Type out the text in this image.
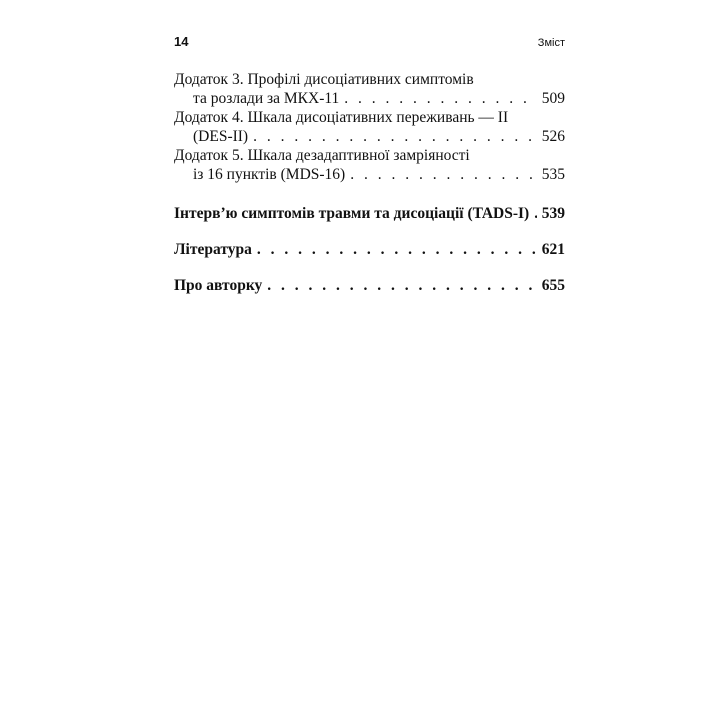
14	Зміст
Додаток 3. Профілі дисоціативних симптомів
та розлади за МКХ-11 . . .	509
Додаток 4. Шкала дисоціативних переживань — II
(DES-II) . . .	526
Додаток 5. Шкала дезадаптивної замріяності
із 16 пунктів (MDS-16) . . .	535
Інтерв’ю симптомів травми та дисоціації (TADS-I) . . . 539
Література . . .	621
Про авторку . . .	655
